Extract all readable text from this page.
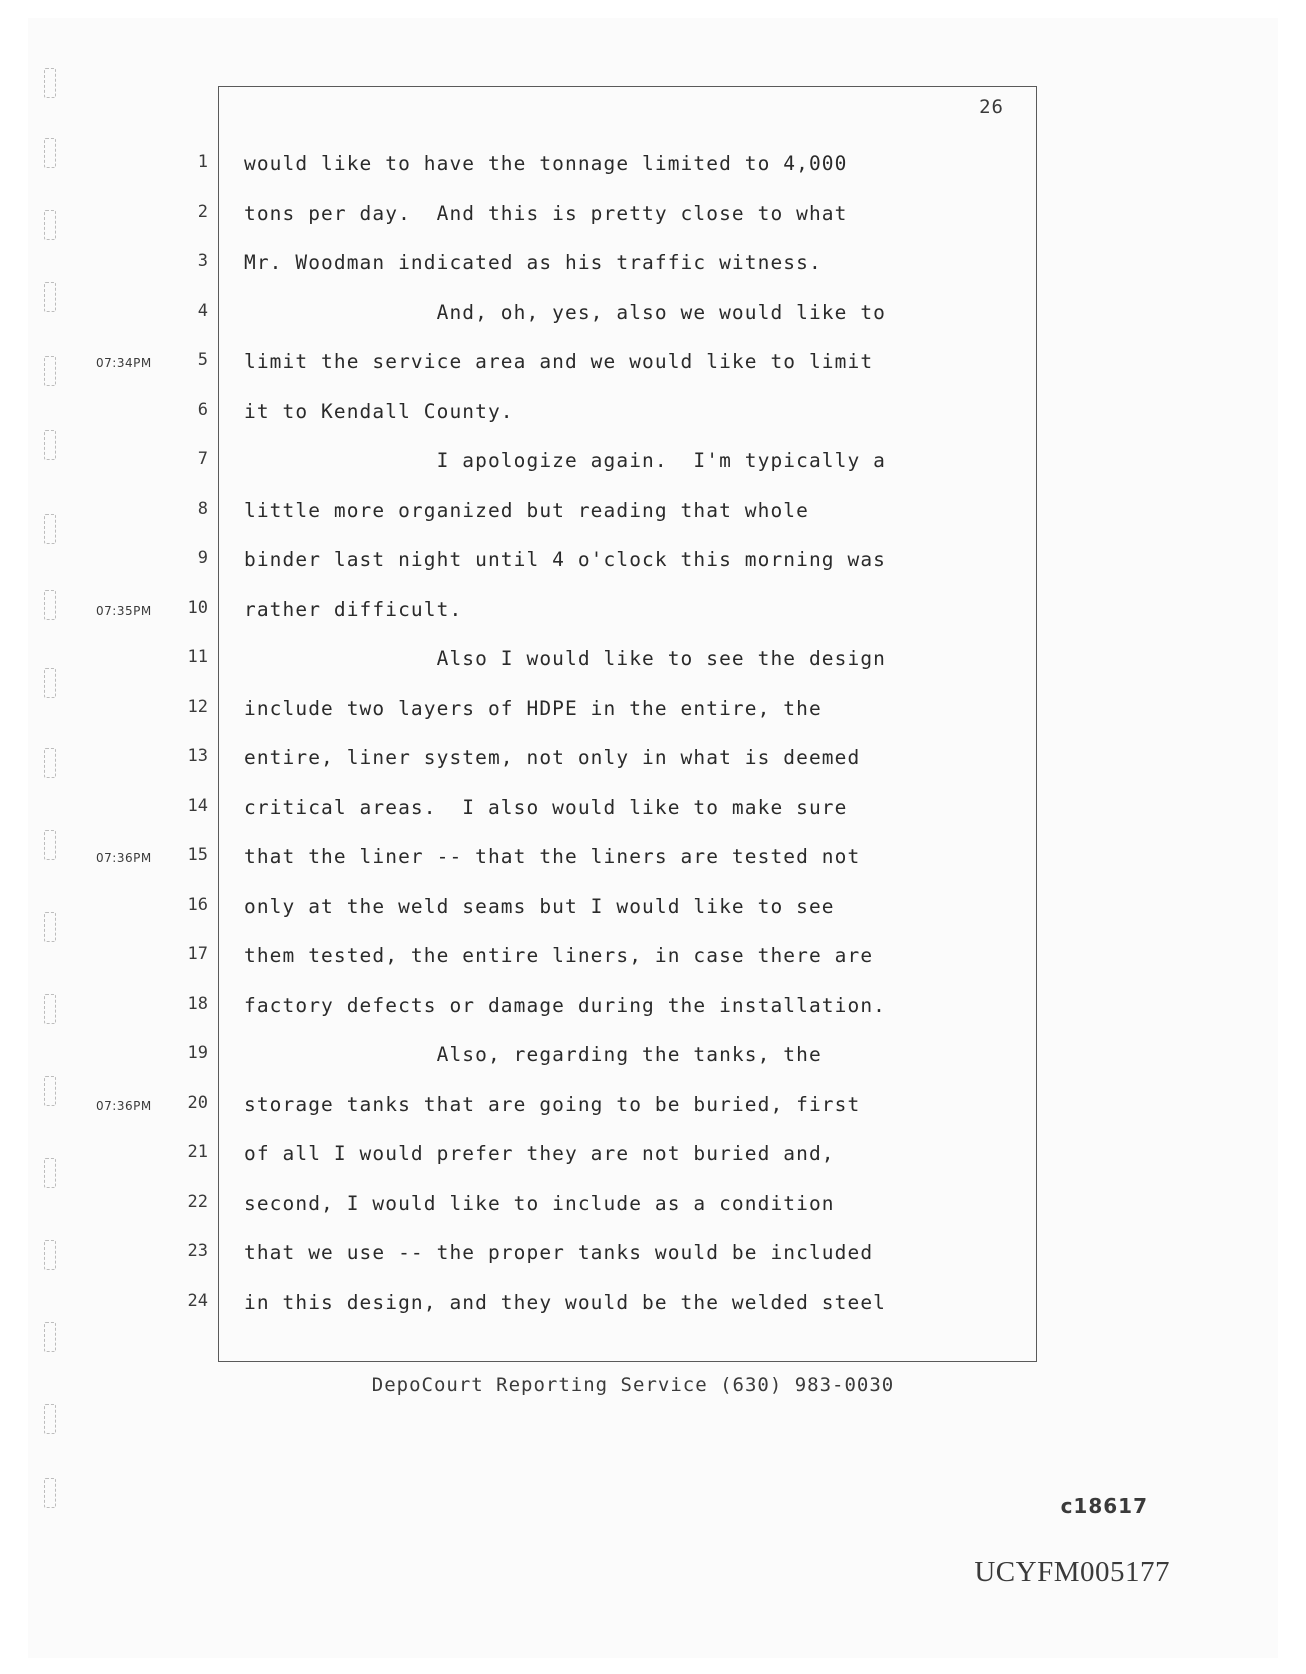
26
1 would like to have the tonnage limited to 4,000
2 tons per day.  And this is pretty close to what
3 Mr. Woodman indicated as his traffic witness.
4 And, oh, yes, also we would like to
07:34PM	5 limit the service area and we would like to limit
6 it to Kendall County.
7 I apologize again.  I'm typically a
8 little more organized but reading that whole
9 binder last night until 4 o'clock this morning was
07:35PM 10 rather difficult.
11 Also I would like to see the design
12 include two layers of HDPE in the entire, the
13 entire, liner system, not only in what is deemed
14 critical areas.  I also would like to make sure
07:36PM 15 that the liner -- that the liners are tested not
16 only at the weld seams but I would like to see
17 them tested, the entire liners, in case there are
18 factory defects or damage during the installation.
19 Also, regarding the tanks, the
07:36PM 20 storage tanks that are going to be buried, first
21 of all I would prefer they are not buried and,
22 second, I would like to include as a condition
23 that we use -- the proper tanks would be included
24 in this design, and they would be the welded steel
DepoCourt Reporting Service (630) 983-0030
c18617
UCYFM005177
